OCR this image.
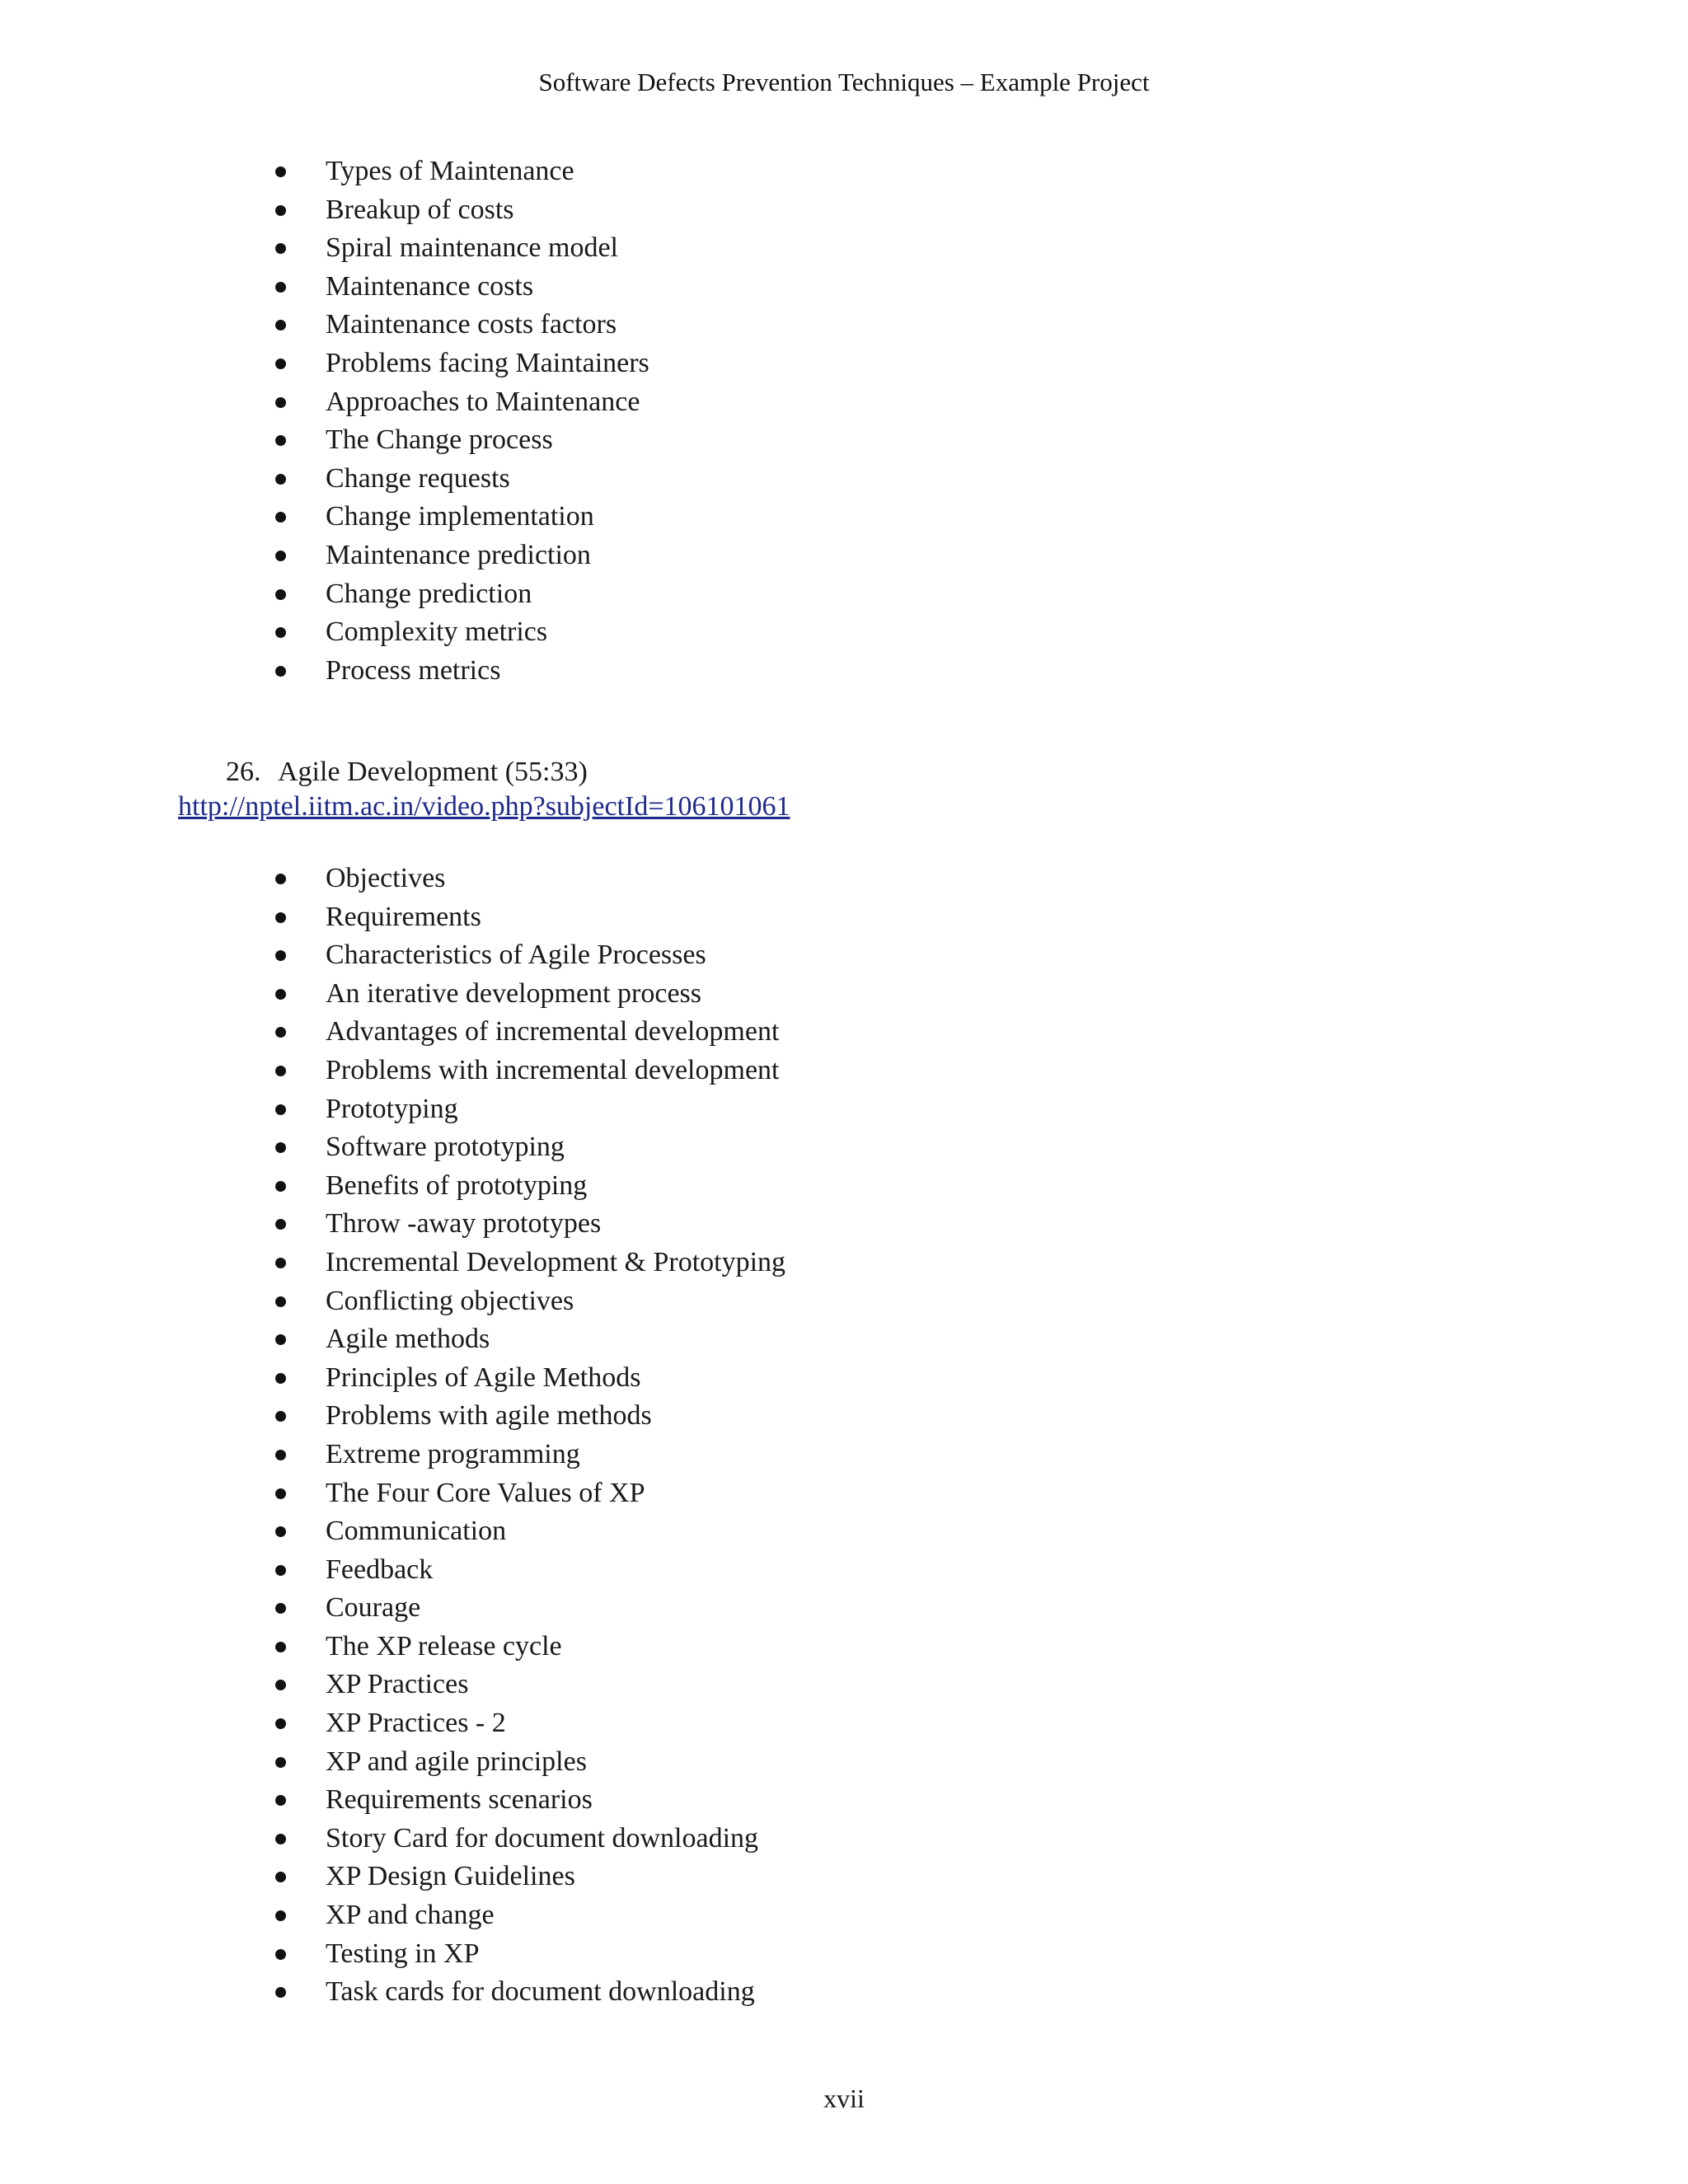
Software Defects Prevention Techniques – Example Project
Types of Maintenance
Breakup of costs
Spiral maintenance model
Maintenance costs
Maintenance costs factors
Problems facing Maintainers
Approaches to Maintenance
The Change process
Change requests
Change implementation
Maintenance prediction
Change prediction
Complexity metrics
Process metrics
26. Agile Development (55:33)
http://nptel.iitm.ac.in/video.php?subjectId=106101061
Objectives
Requirements
Characteristics of Agile Processes
An iterative development process
Advantages of incremental development
Problems with incremental development
Prototyping
Software prototyping
Benefits of prototyping
Throw -away prototypes
Incremental Development & Prototyping
Conflicting objectives
Agile methods
Principles of Agile Methods
Problems with agile methods
Extreme programming
The Four Core Values of XP
Communication
Feedback
Courage
The XP release cycle
XP Practices
XP Practices - 2
XP and agile principles
Requirements scenarios
Story Card for document downloading
XP Design Guidelines
XP and change
Testing in XP
Task cards for document downloading
xvii
